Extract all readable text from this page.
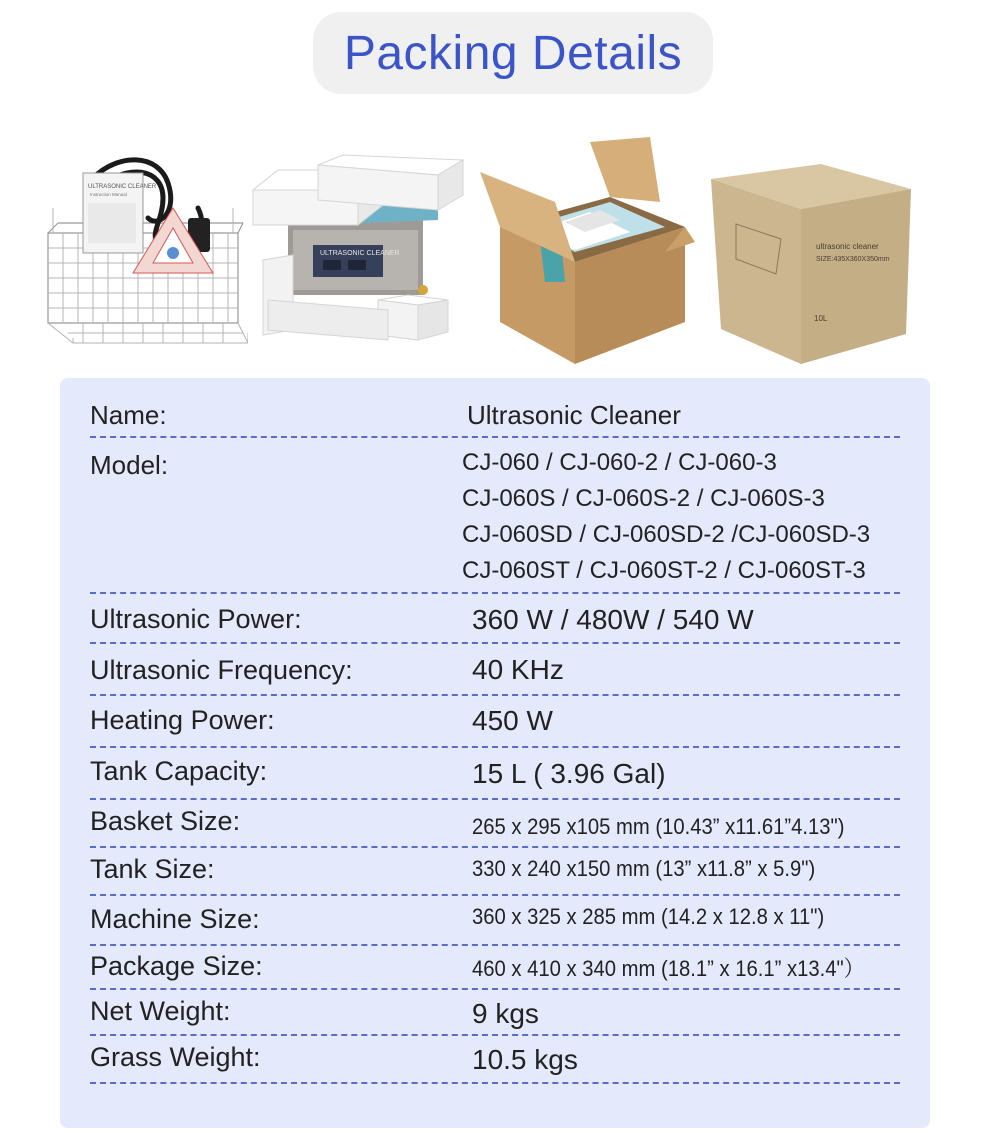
Packing Details
ULTRASONIC CLEANER
Instruction Manual
ULTRASONIC CLEANER
ultrasonic cleaner
SIZE:435X360X350mm
10L
Name:	Ultrasonic Cleaner
Model:	CJ-060 / CJ-060-2 / CJ-060-3
CJ-060S / CJ-060S-2 / CJ-060S-3
CJ-060SD / CJ-060SD-2 /CJ-060SD-3
CJ-060ST / CJ-060ST-2 / CJ-060ST-3
Ultrasonic Power:	360 W / 480W / 540 W
Ultrasonic Frequency:	40 KHz
Heating Power:	450 W
Tank Capacity:	15 L ( 3.96 Gal)
Basket Size:	265 x 295 x105 mm (10.43” x11.61”4.13")
Tank Size:	330 x 240 x150 mm (13” x11.8” x 5.9")
Machine Size:	360 x 325 x 285 mm (14.2 x 12.8 x 11")
Package Size:	460 x 410 x 340 mm (18.1” x 16.1” x13.4"）
Net Weight:	9 kgs
Grass Weight:	10.5 kgs
